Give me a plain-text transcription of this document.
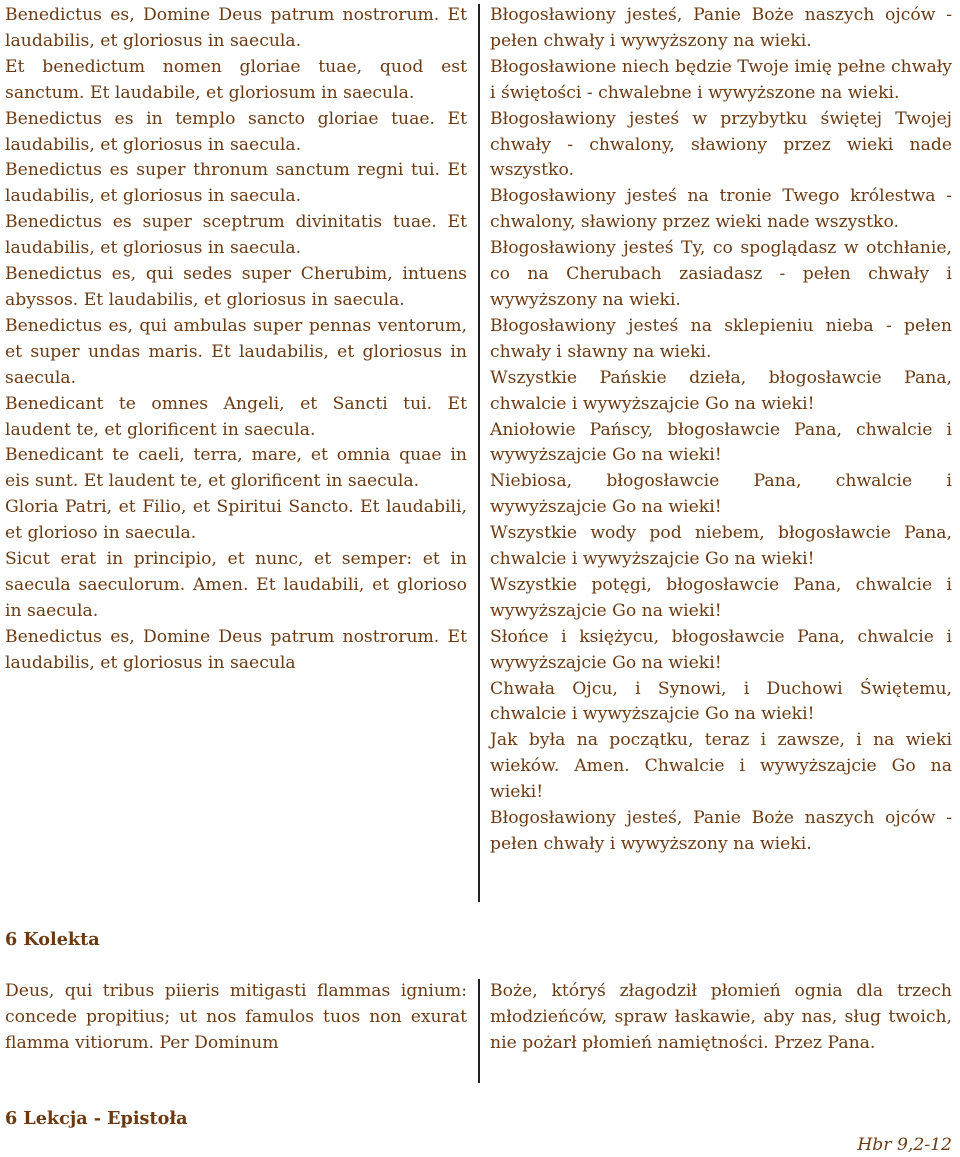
Benedictus es, Domine Deus patrum nostrorum. Et laudabilis, et gloriosus in saecula.

Et benedictum nomen gloriae tuae, quod est sanctum. Et laudabile, et gloriosum in saecula.

Benedictus es in templo sancto gloriae tuae. Et laudabilis, et gloriosus in saecula.

Benedictus es super thronum sanctum regni tui. Et laudabilis, et gloriosus in saecula.

Benedictus es super sceptrum divinitatis tuae. Et laudabilis, et gloriosus in saecula.

Benedictus es, qui sedes super Cherubim, intuens abyssos. Et laudabilis, et gloriosus in saecula.

Benedictus es, qui ambulas super pennas ventorum, et super undas maris. Et laudabilis, et gloriosus in saecula.

Benedicant te omnes Angeli, et Sancti tui. Et laudent te, et glorificent in saecula.

Benedicant te caeli, terra, mare, et omnia quae in eis sunt. Et laudent te, et glorificent in saecula.

Gloria Patri, et Filio, et Spiritui Sancto. Et laudabili, et glorioso in saecula.

Sicut erat in principio, et nunc, et semper: et in saecula saeculorum. Amen. Et laudabili, et glorioso in saecula.

Benedictus es, Domine Deus patrum nostrorum. Et laudabilis, et gloriosus in saecula

Błogosławiony jesteś, Panie Boże naszych ojców - pełen chwały i wywyższony na wieki.

Błogosławione niech będzie Twoje imię pełne chwały i świętości - chwalebne i wywyższone na wieki.

Błogosławiony jesteś w przybytku świętej Twojej chwały - chwalony, sławiony przez wieki nade wszystko.

Błogosławiony jesteś na tronie Twego królestwa - chwalony, sławiony przez wieki nade wszystko.

Błogosławiony jesteś Ty, co spoglądasz w otchłanie, co na Cherubach zasiadasz - pełen chwały i wywyższony na wieki.

Błogosławiony jesteś na sklepieniu nieba - pełen chwały i sławny na wieki.

Wszystkie Pańskie dzieła, błogosławcie Pana, chwalcie i wywyższajcie Go na wieki!

Aniołowie Pańscy, błogosławcie Pana, chwalcie i wywyższajcie Go na wieki!

Niebiosa, błogosławcie Pana, chwalcie i wywyższajcie Go na wieki!

Wszystkie wody pod niebem, błogosławcie Pana, chwalcie i wywyższajcie Go na wieki!

Wszystkie potęgi, błogosławcie Pana, chwalcie i wywyższajcie Go na wieki!

Słońce i księżycu, błogosławcie Pana, chwalcie i wywyższajcie Go na wieki!

Chwała Ojcu, i Synowi, i Duchowi Świętemu, chwalcie i wywyższajcie Go na wieki!

Jak była na początku, teraz i zawsze, i na wieki wieków. Amen. Chwalcie i wywyższajcie Go na wieki!

Błogosławiony jesteś, Panie Boże naszych ojców - pełen chwały i wywyższony na wieki.

6 Kolekta

Deus, qui tribus piieris mitigasti flammas ignium: concede propitius; ut nos famulos tuos non exurat flamma vitiorum. Per Dominum

Boże, któryś złagodził płomień ognia dla trzech młodzieńców, spraw łaskawie, aby nas, sług twoich, nie pożarł płomień namiętności. Przez Pana.

6 Lekcja - Epistoła

Hbr 9,2-12
